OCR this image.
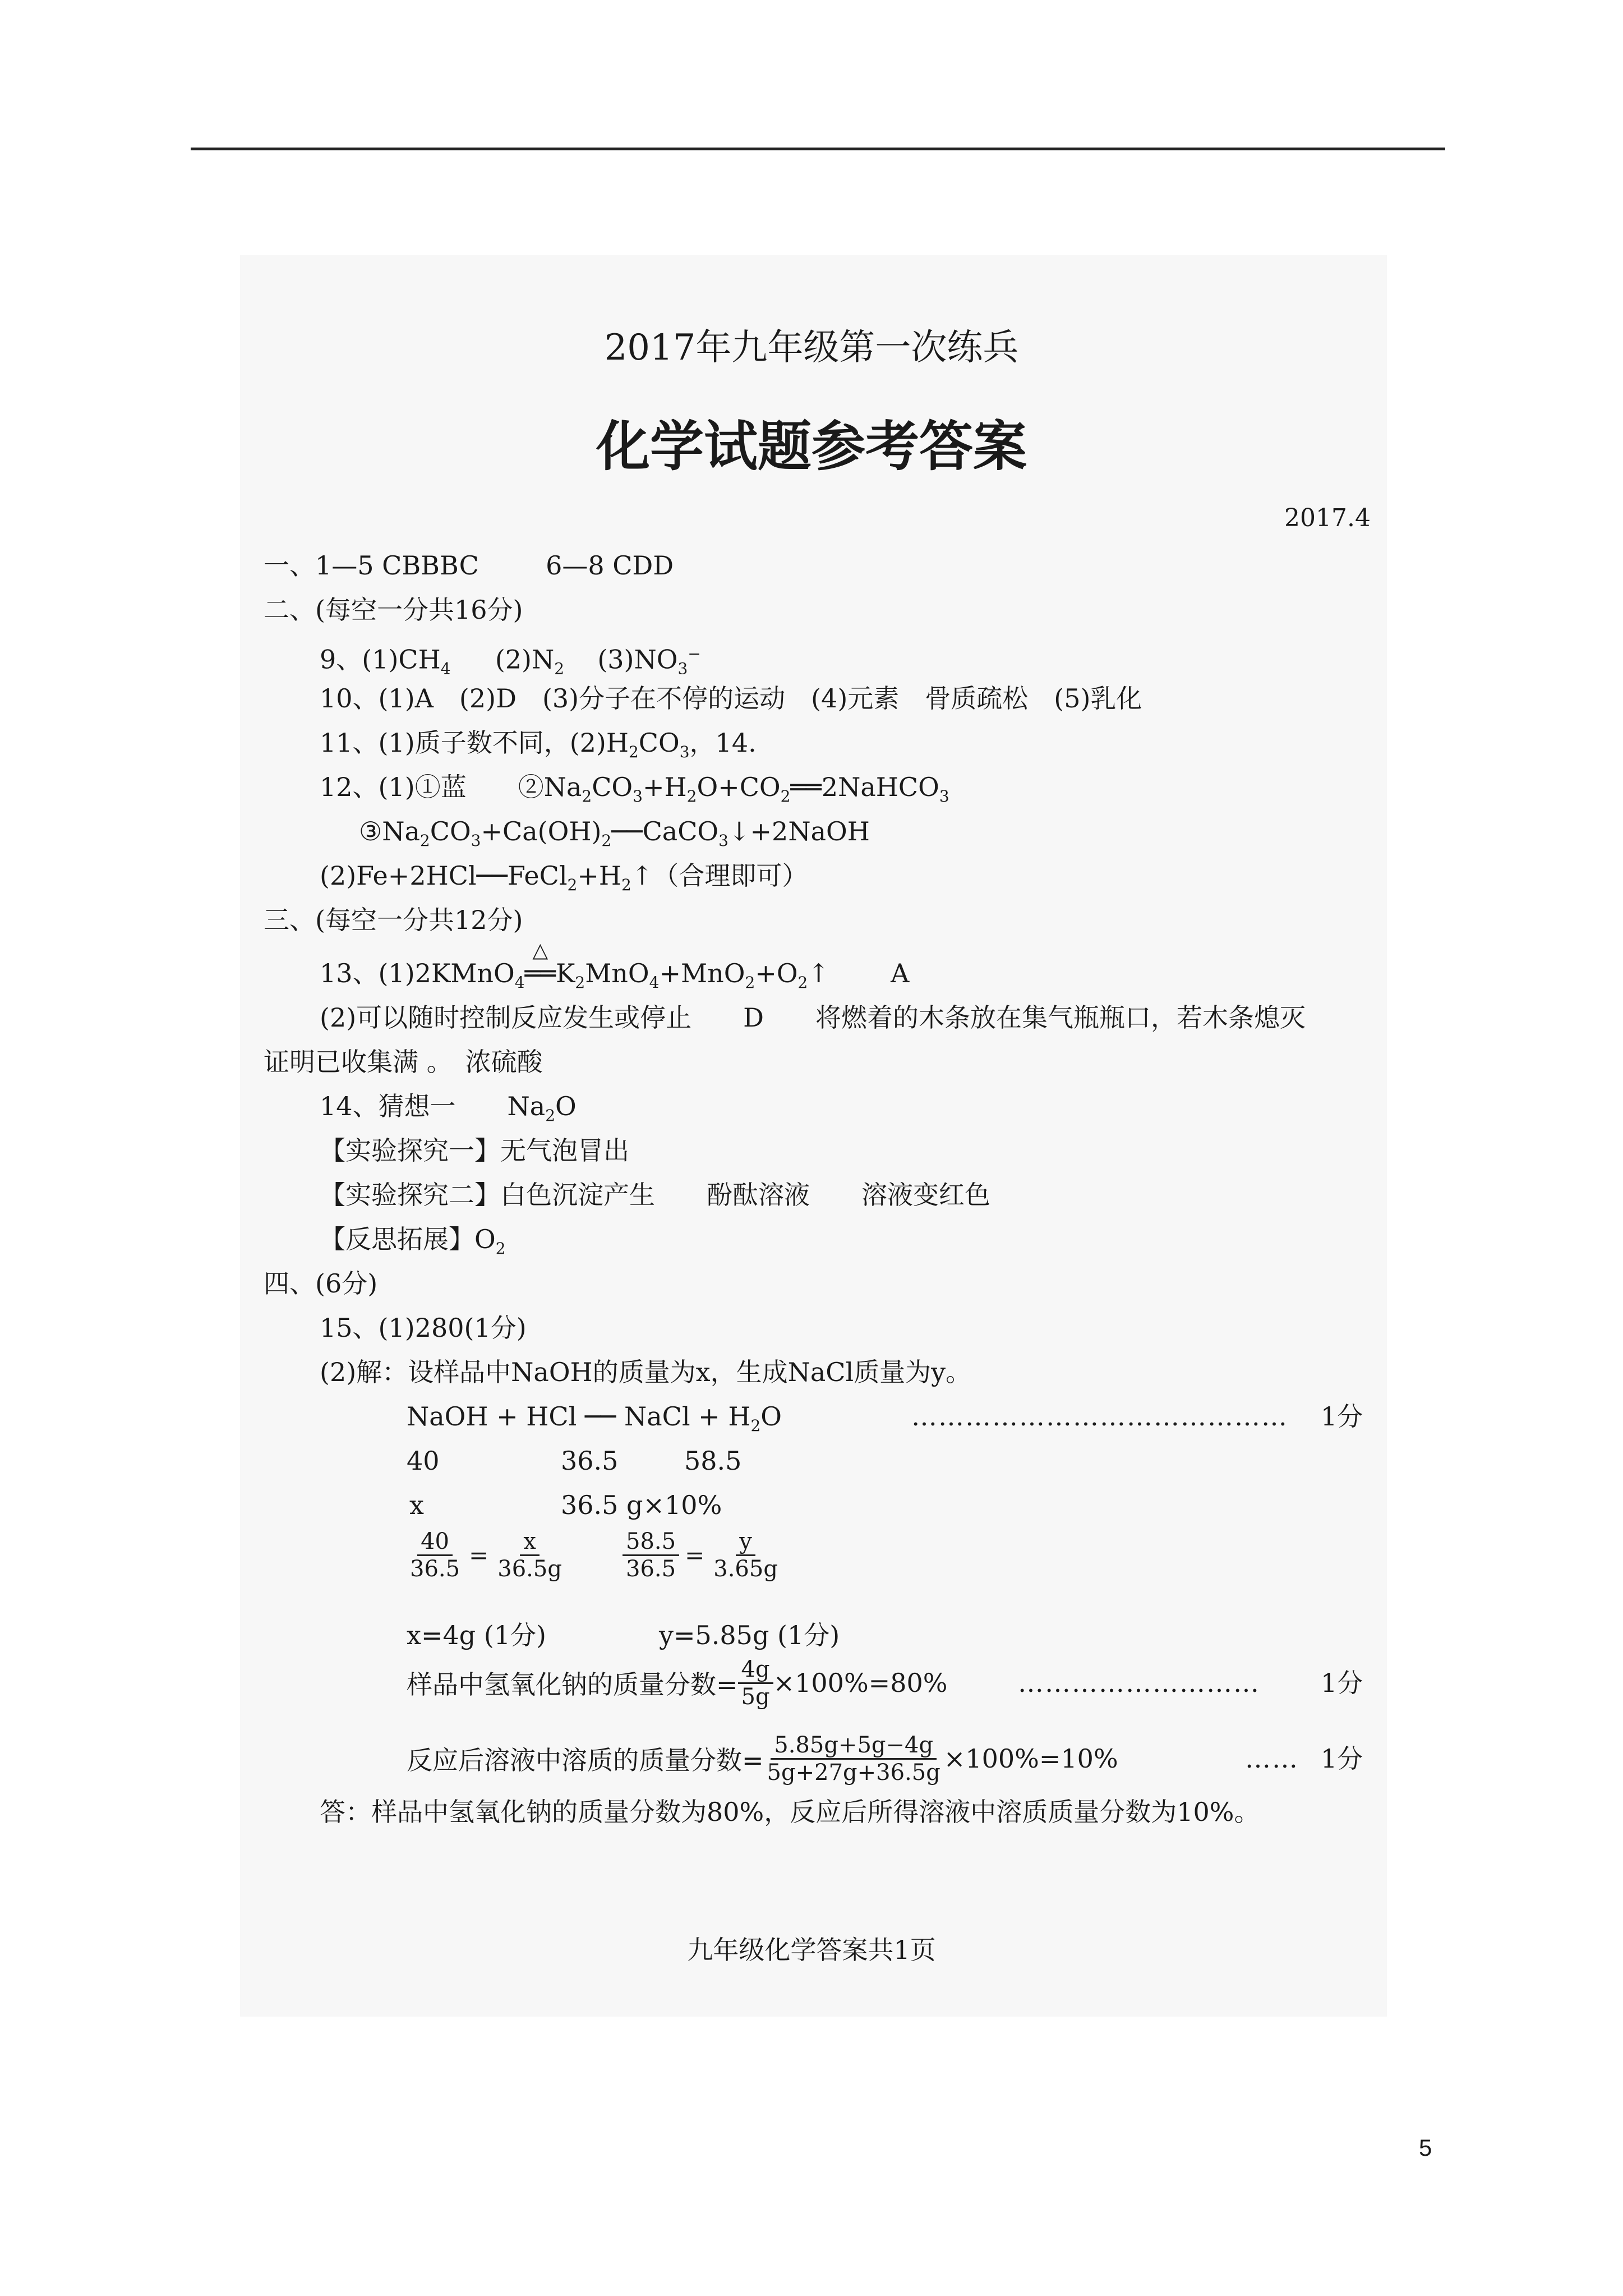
2017年九年级第一次练兵
化学试题参考答案
2017.4
一、1—5 CBBBC	6—8 CDD
二、(每空一分共16分)
9、$(1)CH_4$ $(2)N_2$ $(3)NO_3^-$
10、(1)A　(2)D　(3)分子在不停的运动　(4)元素　骨质疏松　(5)乳化
11、(1)质子数不同，$(2)H_2CO_3$，14.
12、(1)①蓝　　$②Na_2CO_3+H_2O+CO_2══2NaHCO_3$
$③Na_2CO_3+Ca(OH)_2──CaCO_3↓+2NaOH$
$(2)Fe+2HCl──FeCl_2+H_2↑$（合理即可）
三、(每空一分共12分)
13、(1)2KMnO$_4$
△
$══K_2MnO_4+MnO_2+O_2↑$ A
(2)可以随时控制反应发生或停止　　D　　将燃着的木条放在集气瓶瓶口，若木条熄灭
证明已收集满 。　浓硫酸
14、猜想一　　$Na_2O$
【实验探究一】无气泡冒出
【实验探究二】白色沉淀产生　　酚酞溶液　　溶液变红色
【反思拓展】$O_2$
四、(6分)
15、(1)280(1分)
(2)解：设样品中NaOH的质量为x，生成NaCl质量为y。
NaOH + HCl ── NaCl + $H_2O$	…………………………………… 1分
40	36.5	58.5
x	36.5 g×10%
$\frac{40}{36.5} = \frac{x}{36.5g}$	$\frac{58.5}{36.5} = \frac{y}{3.65g}$
x=4g (1分)	y=5.85g (1分)
样品中氢氧化钠的质量分数= $\frac{4g}{5g} \times 100\%=80\%$	……………………… 1分
反应后溶液中溶质的质量分数= $\frac{5.85g+5g-4g}{5g+27g+36.5g} \times 100\%=10\%$	…… 1分
答：样品中氢氧化钠的质量分数为80%，反应后所得溶液中溶质质量分数为10%。
九年级化学答案共1页
5
